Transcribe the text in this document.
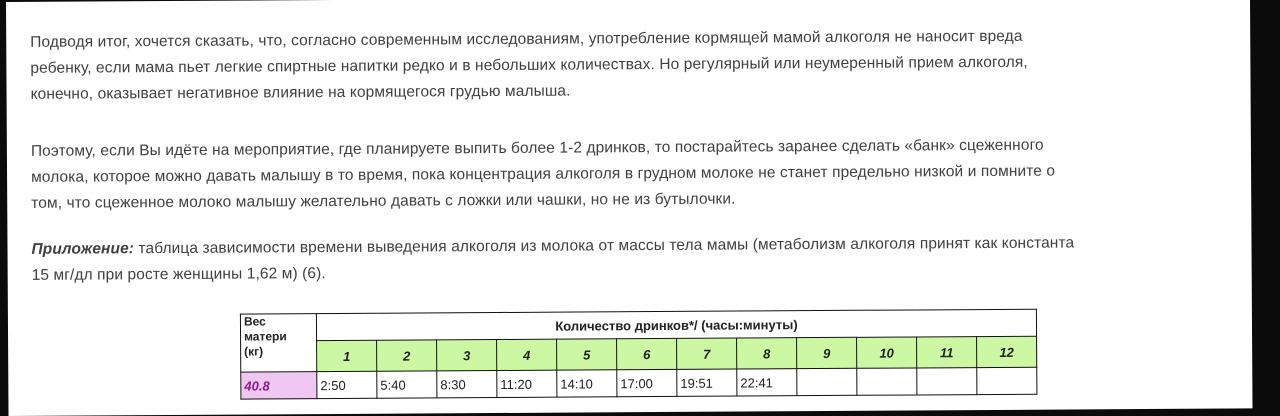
Подводя итог, хочется сказать, что, согласно современным исследованиям, употребление кормящей мамой алкоголя не наносит вреда
ребенку, если мама пьет легкие спиртные напитки редко и в небольших количествах. Но регулярный или неумеренный прием алкоголя,
конечно, оказывает негативное влияние на кормящегося грудью малыша.
Поэтому, если Вы идёте на мероприятие, где планируете выпить более 1-2 дринков, то постарайтесь заранее сделать «банк» сцеженного
молока, которое можно давать малышу в то время, пока концентрация алкоголя в грудном молоке не станет предельно низкой и помните о
том, что сцеженное молоко малышу желательно давать с ложки или чашки, но не из бутылочки.
Приложение: таблица зависимости времени выведения алкоголя из молока от массы тела мамы (метаболизм алкоголя принят как константа
15 мг/дл при росте женщины 1,62 м) (6).
Вес
матери
(кг)	Количество дринков*/ (часы:минуты)											
	1	2	3	4	5	6	7	8	9	10	11	12
40.8	2:50	5:40	8:30	11:20	14:10	17:00	19:51	22:41				
